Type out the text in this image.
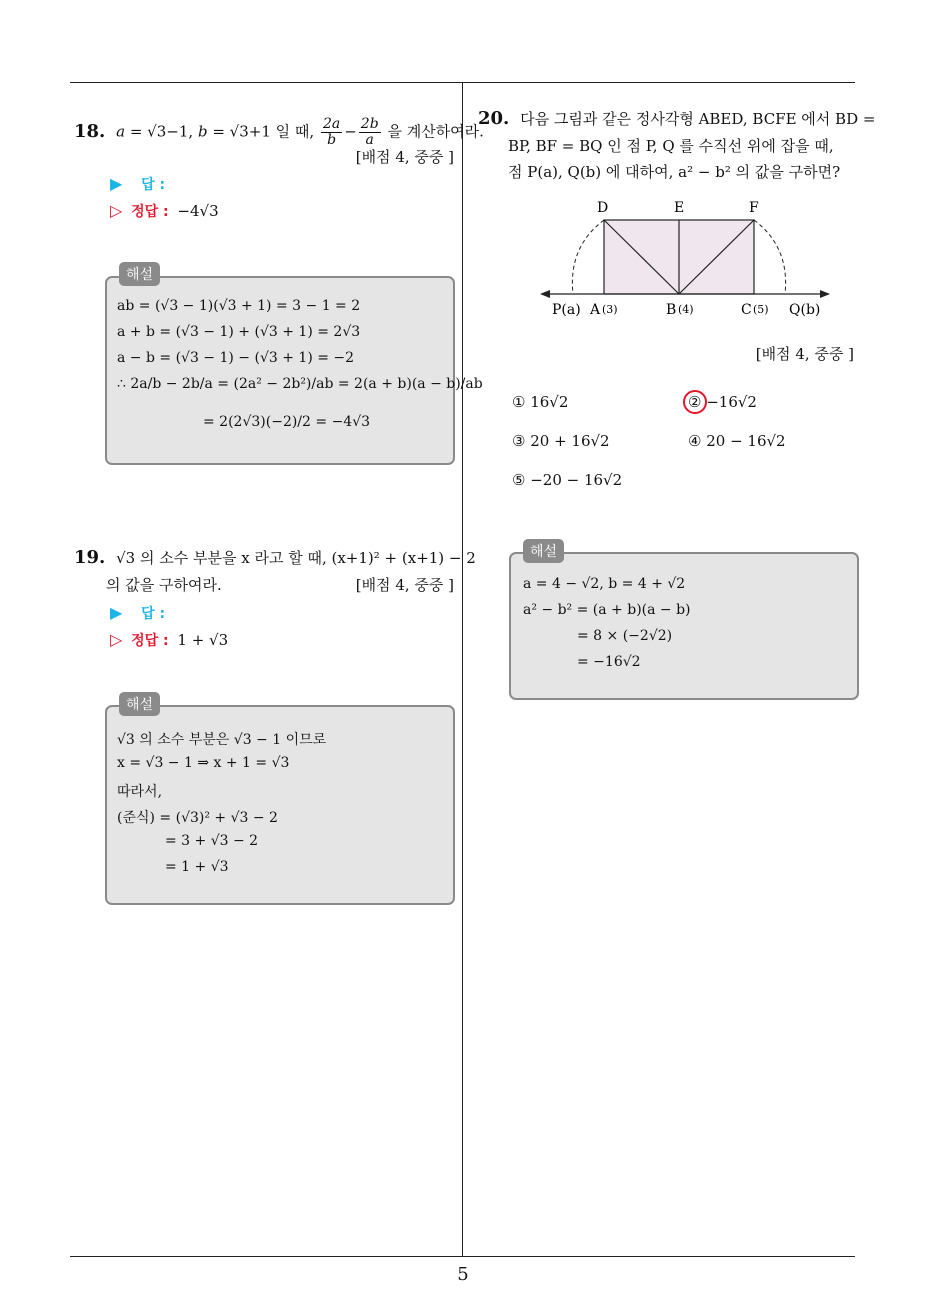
5
18. a = √3−1, b = √3+1 일 때, $\frac{2a}{b} - \frac{2b}{a}$ 을 계산하여라.
[배점 4, 중중 ]
▶ 답 :
▷ 정답 : −4√3
ab = (√3 − 1)(√3 + 1) = 3 − 1 = 2
a + b = (√3 − 1) + (√3 + 1) = 2√3
a − b = (√3 − 1) − (√3 + 1) = −2
∴ 2a/b − 2b/a = (2a² − 2b²)/ab = 2(a + b)(a − b)/ab
= 2(2√3)(−2)/2 = −4√3
해설
19. √3 의 소수 부분을 x 라고 할 때, (x+1)² + (x+1) − 2
의 값을 구하여라.	[배점 4, 중중 ]
▶ 답 :
▷ 정답 : 1 + √3
√3 의 소수 부분은 √3 − 1 이므로
x = √3 − 1 ⇒ x + 1 = √3
따라서,
(준식) = (√3)² + √3 − 2
= 3 + √3 − 2
= 1 + √3
해설
20. 다음 그림과 같은 정사각형 ABED, BCFE 에서 BD =
BP, BF = BQ 인 점 P, Q 를 수직선 위에 잡을 때,
점 P(a), Q(b) 에 대하여, a² − b² 의 값을 구하면?
D	E	F
P(a) A (3)	B (4)	C (5) Q(b)
[배점 4, 중중 ]
① 16√2	② −16√2
③ 20 + 16√2	④ 20 − 16√2
⑤ −20 − 16√2
a = 4 − √2, b = 4 + √2
a² − b² = (a + b)(a − b)
= 8 × (−2√2)
= −16√2
해설
